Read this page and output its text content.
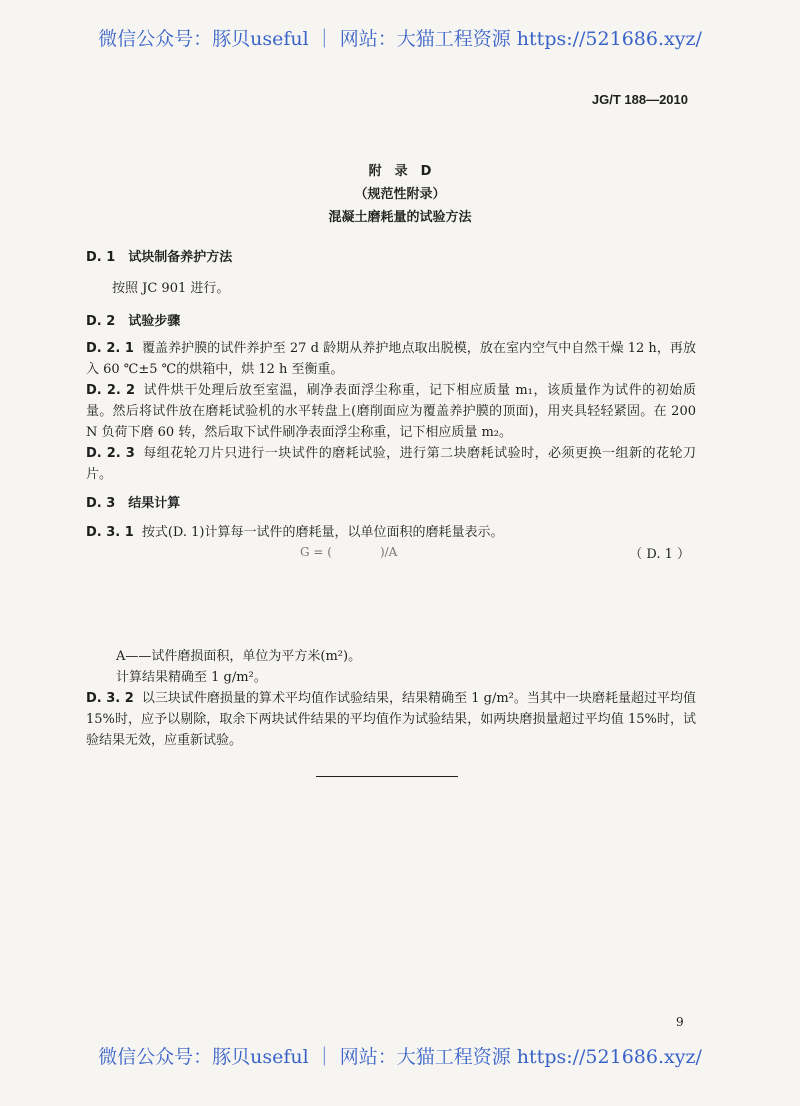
微信公众号：豚贝useful ｜ 网站：大猫工程资源 https://521686.xyz/
JG/T 188—2010
附　录　D
（规范性附录）
混凝土磨耗量的试验方法
D. 1　试块制备养护方法

按照 JC 901 进行。

D. 2　试验步骤

D. 2. 1 覆盖养护膜的试件养护至 27 d 龄期从养护地点取出脱模，放在室内空气中自然干燥 12 h，再放入 60 ℃±5 ℃的烘箱中，烘 12 h 至衡重。

D. 2. 2 试件烘干处理后放至室温，刷净表面浮尘称重，记下相应质量 m₁，该质量作为试件的初始质量。然后将试件放在磨耗试验机的水平转盘上(磨削面应为覆盖养护膜的顶面)，用夹具轻轻紧固。在 200 N 负荷下磨 60 转，然后取下试件刷净表面浮尘称重，记下相应质量 m₂。

D. 2. 3 每组花轮刀片只进行一块试件的磨耗试验，进行第二块磨耗试验时，必须更换一组新的花轮刀片。

D. 3　结果计算

D. 3. 1 按式(D. 1)计算每一试件的磨耗量，以单位面积的磨耗量表示。

G = (　　　　)/A	（ D. 1 ）

A——试件磨损面积，单位为平方米(m²)。

计算结果精确至 1 g/m²。

D. 3. 2 以三块试件磨损量的算术平均值作试验结果，结果精确至 1 g/m²。当其中一块磨耗量超过平均值 15%时，应予以剔除，取余下两块试件结果的平均值作为试验结果，如两块磨损量超过平均值 15%时，试验结果无效，应重新试验。

9
微信公众号：豚贝useful ｜ 网站：大猫工程资源 https://521686.xyz/
